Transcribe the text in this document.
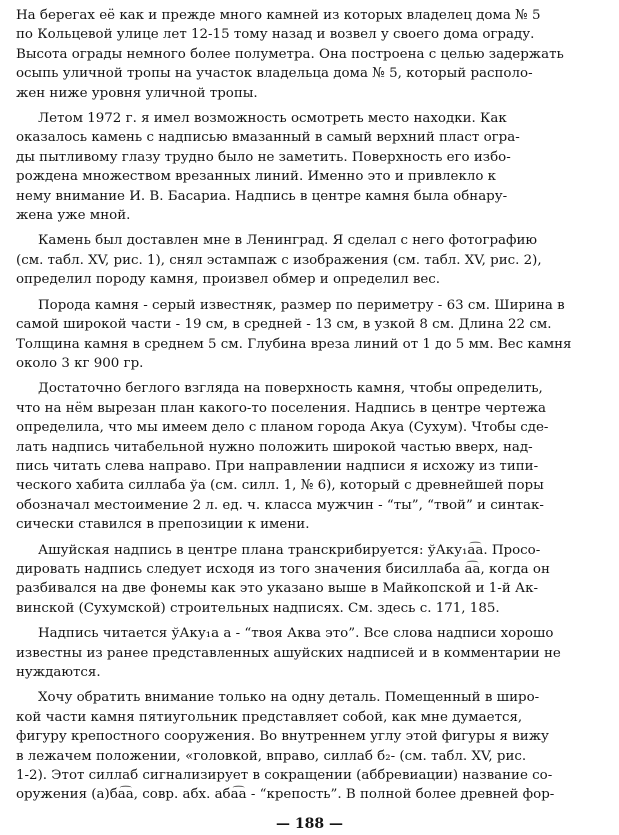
На берегах её как и прежде много камней из которых владелец дома № 5
по Кольцевой улице лет 12-15 тому назад и возвел у своего дома ограду.
Высота ограды немного более полуметра. Она построена с целью задержать
осыпь уличной тропы на участок владельца дома № 5, который располо-
жен ниже уровня уличной тропы.
Летом 1972 г. я имел возможность осмотреть место находки. Как
оказалось камень с надписью вмазанный в самый верхний пласт огра-
ды пытливому глазу трудно было не заметить. Поверхность его избо-
рождена множеством врезанных линий. Именно это и привлекло к
нему внимание И. В. Басариа. Надпись в центре камня была обнару-
жена уже мной.
Камень был доставлен мне в Ленинград. Я сделал с него фотографию
(см. табл. XV, рис. 1), снял эстампаж с изображения (см. табл. XV, рис. 2),
определил породу камня, произвел обмер и определил вес.
Порода камня - серый известняк, размер по периметру - 63 см. Ширина в
самой широкой части - 19 см, в средней - 13 см, в узкой 8 см. Длина 22 см.
Толщина камня в среднем 5 см. Глубина вреза линий от 1 до 5 мм. Вес камня
около 3 кг 900 гр.
Достаточно беглого взгляда на поверхность камня, чтобы определить,
что на нём вырезан план какого-то поселения. Надпись в центре чертежа
определила, что мы имеем дело с планом города Акуа (Сухум). Чтобы сде-
лать надпись читабельной нужно положить широкой частью вверх, над-
пись читать слева направо. При направлении надписи я исхожу из типи-
ческого хабита силлаба ўа (см. силл. 1, № 6), который с древнейшей поры
обозначал местоимение 2 л. ед. ч. класса мужчин - “ты”, “твой” и синтак-
сически ставился в препозиции к имени.
Ашуйская надпись в центре плана транскрибируется: ўАку₁а͡а. Просо-
дировать надпись следует исходя из того значения бисиллаба а͡а, когда он
разбивался на две фонемы как это указано выше в Майкопской и 1-й Ак-
винской (Сухумской) строительных надписях. См. здесь с. 171, 185.
Надпись читается ўАку₁а а - “твоя Аква это”. Все слова надписи хорошо
известны из ранее представленных ашуйских надписей и в комментарии не
нуждаются.
Хочу обратить внимание только на одну деталь. Помещенный в широ-
кой части камня пятиугольник представляет собой, как мне думается,
фигуру крепостного сооружения. Во внутреннем углу этой фигуры я вижу
в лежачем положении, «головкой, вправо, силлаб б₂- (см. табл. XV, рис.
1-2). Этот силлаб сигнализирует в сокращении (аббревиации) название со-
оружения (а)ба͡а, совр. абх. аба͡а - “крепость”. В полной более древней фор-
— 188 —
